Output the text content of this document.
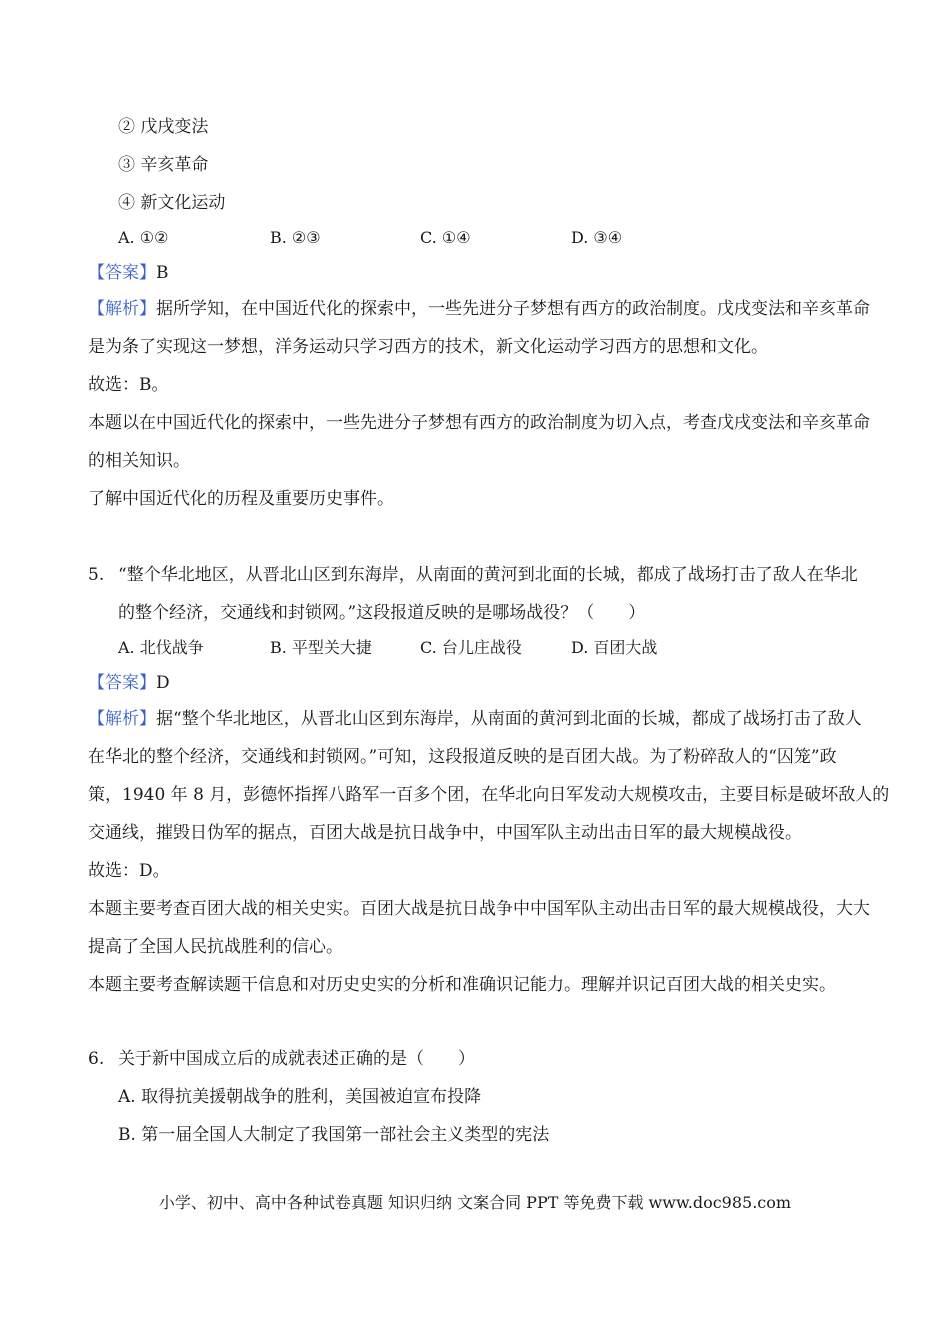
② 戊戌变法
③ 辛亥革命
④ 新文化运动
A. ①②	B. ②③	C. ①④	D. ③④
【答案】B
【解析】据所学知，在中国近代化的探索中，一些先进分子梦想有西方的政治制度。戊戌变法和辛亥革命
是为条了实现这一梦想，洋务运动只学习西方的技术，新文化运动学习西方的思想和文化。
故选：B。
本题以在中国近代化的探索中，一些先进分子梦想有西方的政治制度为切入点，考查戊戌变法和辛亥革命
的相关知识。
了解中国近代化的历程及重要历史事件。
5. “整个华北地区，从晋北山区到东海岸，从南面的黄河到北面的长城，都成了战场打击了敌人在华北
的整个经济，交通线和封锁网。”这段报道反映的是哪场战役？（　　）
A. 北伐战争	B. 平型关大捷	C. 台儿庄战役	D. 百团大战
【答案】D
【解析】据“整个华北地区，从晋北山区到东海岸，从南面的黄河到北面的长城，都成了战场打击了敌人
在华北的整个经济，交通线和封锁网。”可知，这段报道反映的是百团大战。为了粉碎敌人的“囚笼”政
策，1940 年 8 月，彭德怀指挥八路军一百多个团，在华北向日军发动大规模攻击，主要目标是破坏敌人的
交通线，摧毁日伪军的据点，百团大战是抗日战争中，中国军队主动出击日军的最大规模战役。
故选：D。
本题主要考查百团大战的相关史实。百团大战是抗日战争中中国军队主动出击日军的最大规模战役，大大
提高了全国人民抗战胜利的信心。
本题主要考查解读题干信息和对历史史实的分析和准确识记能力。理解并识记百团大战的相关史实。
6. 关于新中国成立后的成就表述正确的是（　　）
A. 取得抗美援朝战争的胜利，美国被迫宣布投降
B. 第一届全国人大制定了我国第一部社会主义类型的宪法
小学、初中、高中各种试卷真题 知识归纳 文案合同 PPT 等免费下载 www.doc985.com
